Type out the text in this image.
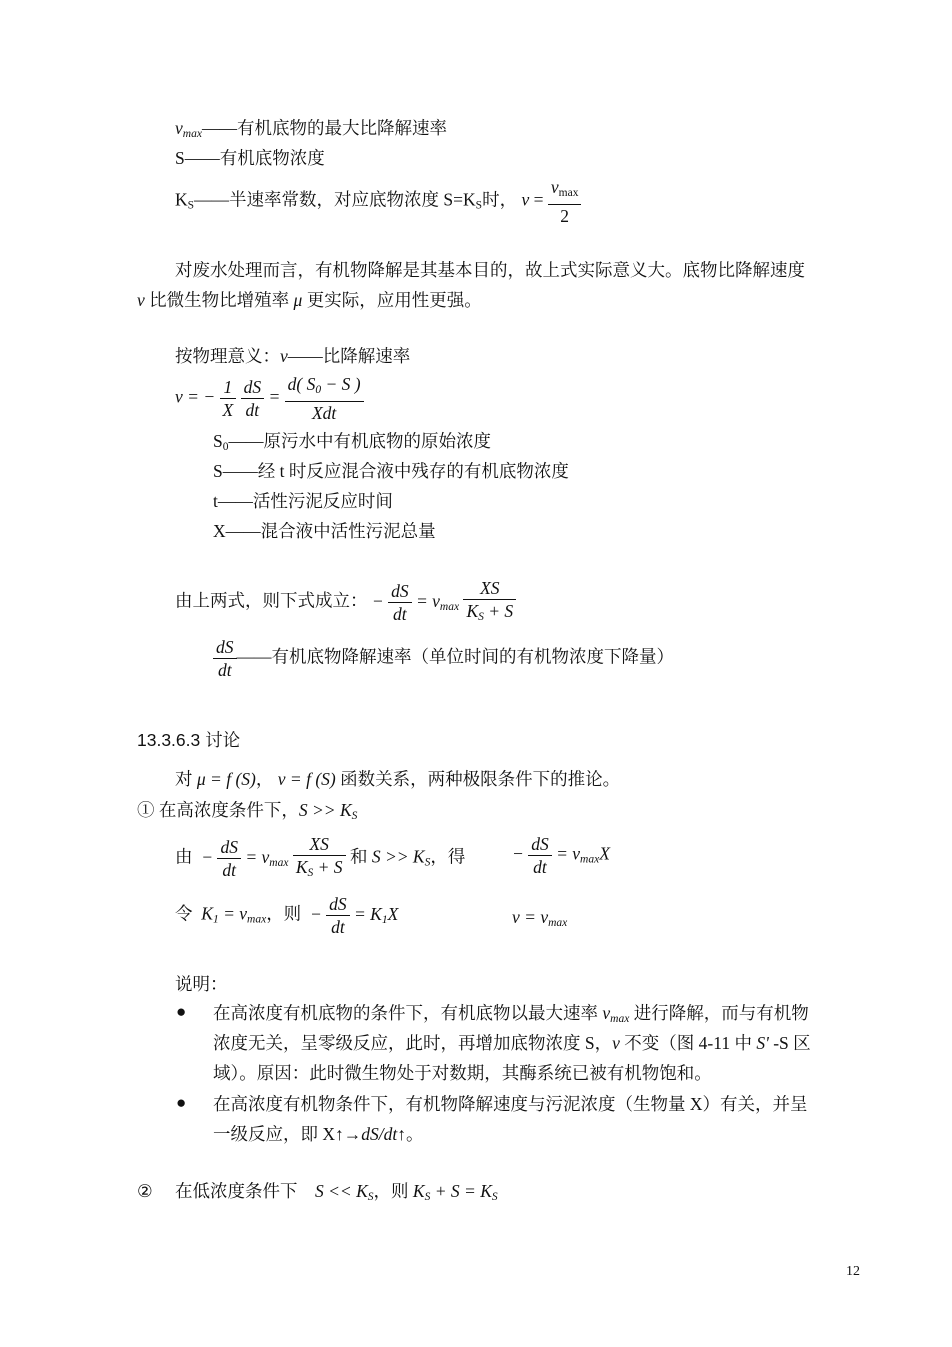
$v_{max}——$有机底物的最大比降解速率
S——有机底物浓度
KS——半速率常数，对应底物浓度 S=KS时， $v = \frac{vmax}{2}$
对废水处理而言，有机物降解是其基本目的，故上式实际意义大。底物比降解速度
v 比微生物比增殖率 μ 更实际，应用性更强。
按物理意义：v——比降解速率
v = − $\frac{1}{X}$
$\frac{dS}{dt} = \frac{d( S_0 - S )}{\text{Xdt}}$
S0——原污水中有机底物的原始浓度
S——经 t 时反应混合液中残存的有机底物浓度
t——活性污泥反应时间
X——混合液中活性污泥总量
由上两式，则下式成立： − $\frac{dS}{dt} = v_{max} \frac{XS}{K_S + S}$
$\frac{dS}{dt}$ ——有机底物降解速率（单位时间的有机物浓度下降量）
13.3.6.3 讨论
对 μ = f (S)， v = f (S) 函数关系，两种极限条件下的推论。
① 在高浓度条件下，$S >> K_S$
由 − $\frac{dS}{dt} = v_{max} \frac{XS}{K_S + S}$ 和 $S >> K_S$，得	− $\frac{dS}{dt} = v_{max}X$
令 $K_1 = v_{max}$，则 − $\frac{dS}{dt} = K_1X$	$v = v_{max}$
说明：
● 在高浓度有机底物的条件下，有机底物以最大速率 $v_{max}$ 进行降解，而与有机物
浓度无关，呈零级反应，此时，再增加底物浓度 S，v 不变（图 4-11 中 S' -S 区
域）。原因：此时微生物处于对数期，其酶系统已被有机物饱和。
● 在高浓度有机物条件下，有机物降解速度与污泥浓度（生物量 X）有关，并呈
一级反应，即 X↑→dS/dt↑。
② 在低浓度条件下 $S << K_S$，则 $K_S + S = K_S$
12
